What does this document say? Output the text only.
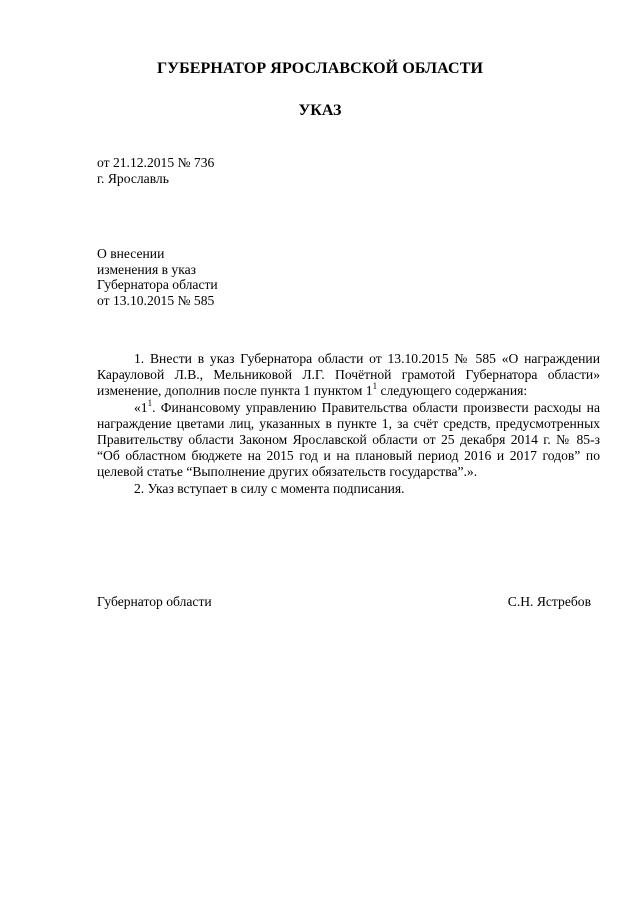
ГУБЕРНАТОР ЯРОСЛАВСКОЙ ОБЛАСТИ
УКАЗ
от 21.12.2015 № 736
г. Ярославль
О внесении
изменения в указ
Губернатора области
от 13.10.2015 № 585

1. Внести в указ Губернатора области от 13.10.2015 № 585 «О награждении Карауловой Л.В., Мельниковой Л.Г. Почётной грамотой Губернатора области» изменение, дополнив после пункта 1 пунктом $1^1$ следующего содержания:

«$1^1$. Финансовому управлению Правительства области произвести расходы на награждение цветами лиц, указанных в пункте 1, за счёт средств, предусмотренных Правительству области Законом Ярославской области от 25 декабря 2014 г. № 85-з “Об областном бюджете на 2015 год и на плановый период 2016 и 2017 годов” по целевой статье “Выполнение других обязательств государства”.».

2. Указ вступает в силу с момента подписания.

Губернатор области	С.Н. Ястребов
